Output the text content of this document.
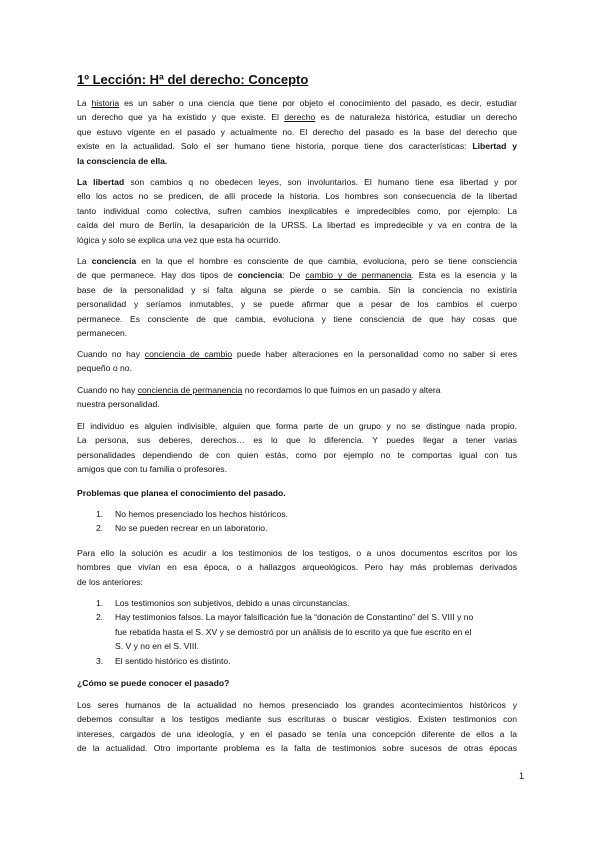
1º Lección: Hª del derecho: Concepto
La historia es un saber o una ciencia que tiene por objeto el conocimiento del pasado, es decir, estudiar
un derecho que ya ha existido y que existe. El derecho es de naturaleza histórica, estudiar un derecho
que estuvo vigente en el pasado y actualmente no. El derecho del pasado es la base del derecho que
existe en la actualidad. Solo el ser humano tiene historia, porque tiene dos características: Libertad y
la consciencia de ella.
La libertad son cambios q no obedecen leyes, son involuntarios. El humano tiene esa libertad y por
ello los actos no se predicen, de allí procede la historia. Los hombres son consecuencia de la libertad
tanto individual como colectiva, sufren cambios inexplicables e impredecibles como, por ejemplo: La
caída del muro de Berlín, la desaparición de la URSS. La libertad es impredecible y va en contra de la
lógica y solo se explica una vez que esta ha ocurrido.
La conciencia en la que el hombre es consciente de que cambia, evoluciona, pero se tiene consciencia
de que permanece. Hay dos tipos de conciencia: De cambio y de permanencia. Esta es la esencia y la
base de la personalidad y si falta alguna se pierde o se cambia. Sin la conciencia no existiría
personalidad y seríamos inmutables, y se puede afirmar que a pesar de los cambios el cuerpo
permanece. Es consciente de que cambia, evoluciona y tiene consciencia de que hay cosas que
permanecen.
Cuando no hay conciencia de cambio puede haber alteraciones en la personalidad como no saber si eres
pequeño o no.
Cuando no hay conciencia de permanencia no recordamos lo que fuimos en un pasado y altera
nuestra personalidad.
El individuo es alguien indivisible, alguien que forma parte de un grupo y no se distingue nada propio.
La persona, sus deberes, derechos… es lo que lo diferencia. Y puedes llegar a tener varias
personalidades dependiendo de con quien estás, como por ejemplo no te comportas igual con tus
amigos que con tu familia o profesores.
Problemas que planea el conocimiento del pasado.
1. No hemos presenciado los hechos históricos.
2. No se pueden recrear en un laboratorio.
Para ello la solución es acudir a los testimonios de los testigos, o a unos documentos escritos por los
hombres que vivían en esa época, o a hallazgos arqueológicos. Pero hay más problemas derivados
de los anteriores:
1. Los testimonios son subjetivos, debido a unas circunstancias.
2. Hay testimonios falsos. La mayor falsificación fue la “donación de Constantino” del S. VIII y no
fue rebatida hasta el S. XV y se demostró por un análisis de lo escrito ya que fue escrito en el
S. V y no en el S. VIII.
3. El sentido histórico es distinto.
¿Cómo se puede conocer el pasado?
Los seres humanos de la actualidad no hemos presenciado los grandes acontecimientos históricos y
debemos consultar a los testigos mediante sus escrituras o buscar vestigios. Existen testimonios con
intereses, cargados de una ideología, y en el pasado se tenía una concepción diferente de ellos a la
de la actualidad. Otro importante problema es la falta de testimonios sobre sucesos de otras épocas
1
